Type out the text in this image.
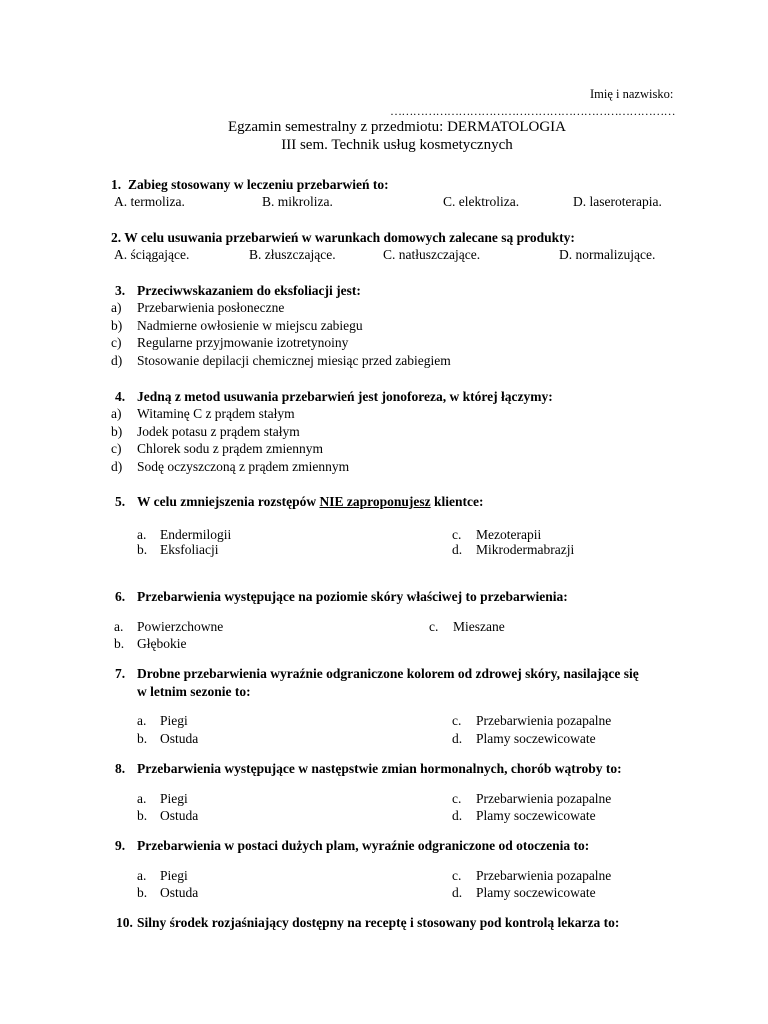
Imię i nazwisko:
…………………………………………………………………
Egzamin semestralny z przedmiotu: DERMATOLOGIA
III sem. Technik usług kosmetycznych
1. Zabieg stosowany w leczeniu przebarwień to:
A. termoliza.	B. mikroliza.	C. elektroliza.	D. laseroterapia.
2. W celu usuwania przebarwień w warunkach domowych zalecane są produkty:
A. ściągające.	B. złuszczające.	C. natłuszczające.	D. normalizujące.
3. Przeciwwskazaniem do eksfoliacji jest:
a) Przebarwienia posłoneczne
b) Nadmierne owłosienie w miejscu zabiegu
c) Regularne przyjmowanie izotretynoiny
d) Stosowanie depilacji chemicznej miesiąc przed zabiegiem
4. Jedną z metod usuwania przebarwień jest jonoforeza, w której łączymy:
a) Witaminę C z prądem stałym
b) Jodek potasu z prądem stałym
c) Chlorek sodu z prądem zmiennym
d) Sodę oczyszczoną z prądem zmiennym
5. W celu zmniejszenia rozstępów NIE zaproponujesz klientce:
a. Endermilogii
b. Eksfoliacji
c. Mezoterapii
d. Mikrodermabrazji
6. Przebarwienia występujące na poziomie skóry właściwej to przebarwienia:
a. Powierzchowne
b. Głębokie
c. Mieszane
7. Drobne przebarwienia wyraźnie odgraniczone kolorem od zdrowej skóry, nasilające się
w letnim sezonie to:
a. Piegi
b. Ostuda
c. Przebarwienia pozapalne
d. Plamy soczewicowate
8. Przebarwienia występujące w następstwie zmian hormonalnych, chorób wątroby to:
a. Piegi
b. Ostuda
c. Przebarwienia pozapalne
d. Plamy soczewicowate
9. Przebarwienia w postaci dużych plam, wyraźnie odgraniczone od otoczenia to:
a. Piegi
b. Ostuda
c. Przebarwienia pozapalne
d. Plamy soczewicowate
10. Silny środek rozjaśniający dostępny na receptę i stosowany pod kontrolą lekarza to:
